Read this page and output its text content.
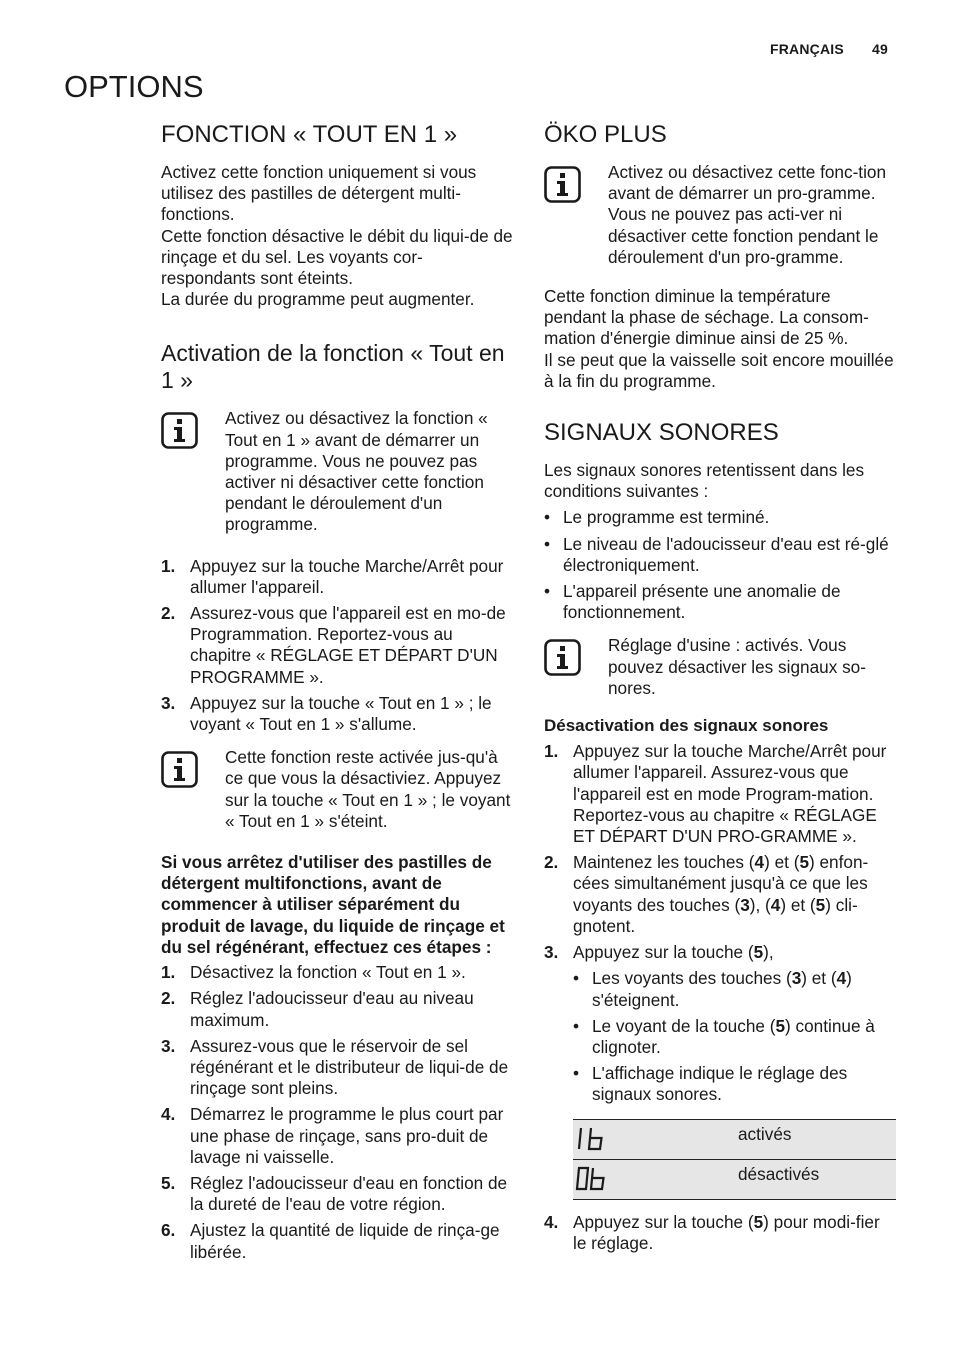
FRANÇAIS 49
OPTIONS
FONCTION « TOUT EN 1 »

Activez cette fonction uniquement si vous utilisez des pastilles de détergent multi-fonctions.

Cette fonction désactive le débit du liqui-de de rinçage et du sel. Les voyants cor-respondants sont éteints.

La durée du programme peut augmenter.

Activation de la fonction « Tout en 1 »
Activez ou désactivez la fonction « Tout en 1 » avant de démarrer un programme. Vous ne pouvez pas activer ni désactiver cette fonction pendant le déroulement d'un programme.
1. Appuyez sur la touche Marche/Arrêt pour allumer l'appareil.
2. Assurez-vous que l'appareil est en mo-de Programmation. Reportez-vous au chapitre « RÉGLAGE ET DÉPART D'UN PROGRAMME ».
3. Appuyez sur la touche « Tout en 1 » ; le voyant « Tout en 1 » s'allume.
Cette fonction reste activée jus-qu'à ce que vous la désactiviez. Appuyez sur la touche « Tout en 1 » ; le voyant « Tout en 1 » s'éteint.

Si vous arrêtez d'utiliser des pastilles de détergent multifonctions, avant de commencer à utiliser séparément du produit de lavage, du liquide de rinçage et du sel régénérant, effectuez ces étapes :

1. Désactivez la fonction « Tout en 1 ».
2. Réglez l'adoucisseur d'eau au niveau maximum.
3. Assurez-vous que le réservoir de sel régénérant et le distributeur de liqui-de de rinçage sont pleins.
4. Démarrez le programme le plus court par une phase de rinçage, sans pro-duit de lavage ni vaisselle.
5. Réglez l'adoucisseur d'eau en fonction de la dureté de l'eau de votre région.
6. Ajustez la quantité de liquide de rinça-ge libérée.
ÖKO PLUS
Activez ou désactivez cette fonc-tion avant de démarrer un pro-gramme. Vous ne pouvez pas acti-ver ni désactiver cette fonction pendant le déroulement d'un pro-gramme.

Cette fonction diminue la température pendant la phase de séchage. La consom-mation d'énergie diminue ainsi de 25 %.

Il se peut que la vaisselle soit encore mouillée à la fin du programme.

SIGNAUX SONORES

Les signaux sonores retentissent dans les conditions suivantes :

• Le programme est terminé.
• Le niveau de l'adoucisseur d'eau est ré-glé électroniquement.
• L'appareil présente une anomalie de fonctionnement.
Réglage d'usine : activés. Vous pouvez désactiver les signaux so-nores.

Désactivation des signaux sonores

1. Appuyez sur la touche Marche/Arrêt pour allumer l'appareil. Assurez-vous que l'appareil est en mode Program-mation. Reportez-vous au chapitre « RÉGLAGE ET DÉPART D'UN PRO-GRAMME ».
2. Maintenez les touches (4) et (5) enfon-cées simultanément jusqu'à ce que les voyants des touches (3), (4) et (5) cli-gnotent.
3. Appuyez sur la touche (5),
• Les voyants des touches (3) et (4) s'éteignent.
• Le voyant de la touche (5) continue à clignoter.
• L'affichage indique le réglage des signaux sonores.
activés
désactivés
4. Appuyez sur la touche (5) pour modi-fier le réglage.
